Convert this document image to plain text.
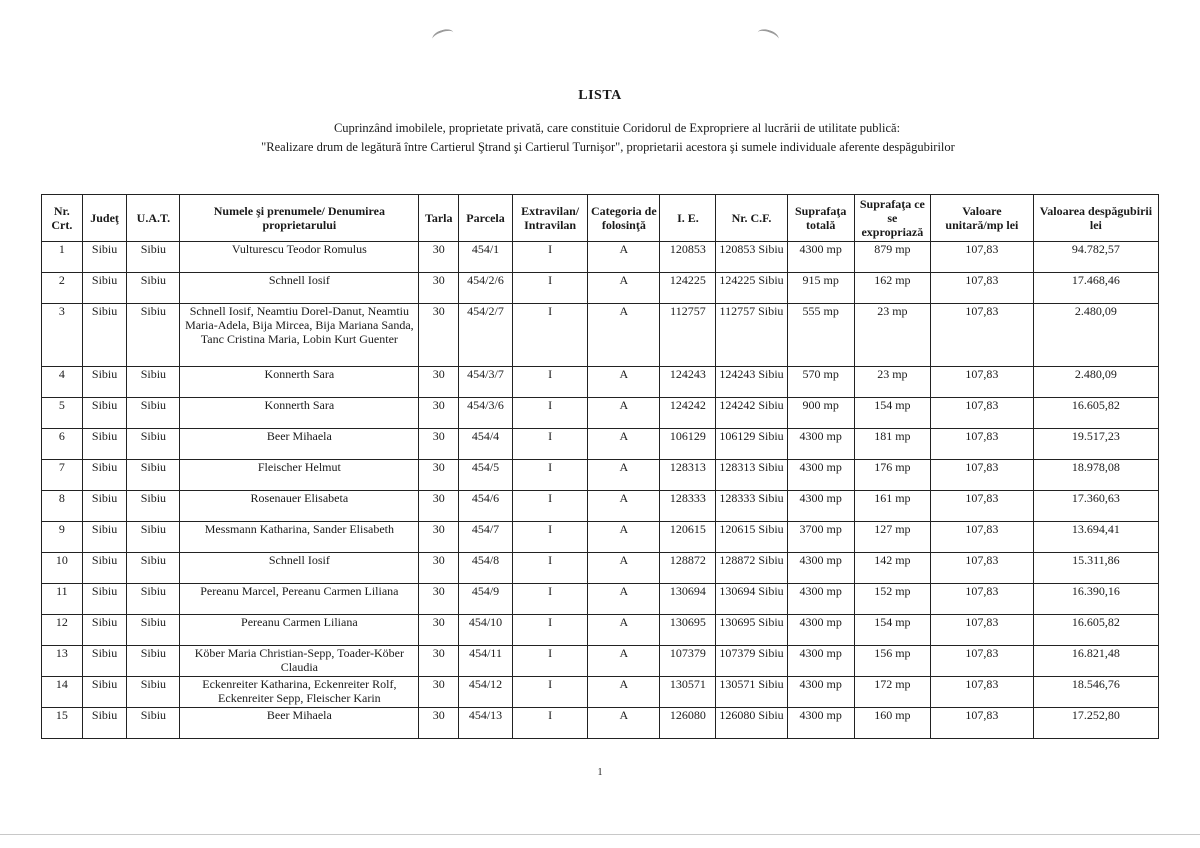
LISTA
Cuprinzând imobilele, proprietate privată, care constituie Coridorul de Expropriere al lucrării de utilitate publică:
"Realizare drum de legătură între Cartierul Ştrand şi Cartierul Turnişor", proprietarii acestora şi sumele individuale aferente despăgubirilor
Nr. Crt.	Judeţ	U.A.T.	Numele şi prenumele/ Denumirea proprietarului	Tarla	Parcela	Extravilan/ Intravilan	Categoria de folosinţă	I. E.	Nr. C.F.	Suprafaţa totală	Suprafaţa ce se expropriază	Valoare unitară/mp lei	Valoarea despăgubirii lei
1	Sibiu	Sibiu	Vulturescu Teodor Romulus	30	454/1	I	A	120853	120853 Sibiu	4300 mp	879 mp	107,83	94.782,57
2	Sibiu	Sibiu	Schnell Iosif	30	454/2/6	I	A	124225	124225 Sibiu	915 mp	162 mp	107,83	17.468,46
3	Sibiu	Sibiu	Schnell Iosif, Neamtiu Dorel-Danut, Neamtiu Maria-Adela, Bija Mircea, Bija Mariana Sanda, Tanc Cristina Maria, Lobin Kurt Guenter	30	454/2/7	I	A	112757	112757 Sibiu	555 mp	23 mp	107,83	2.480,09
4	Sibiu	Sibiu	Konnerth Sara	30	454/3/7	I	A	124243	124243 Sibiu	570 mp	23 mp	107,83	2.480,09
5	Sibiu	Sibiu	Konnerth Sara	30	454/3/6	I	A	124242	124242 Sibiu	900 mp	154 mp	107,83	16.605,82
6	Sibiu	Sibiu	Beer Mihaela	30	454/4	I	A	106129	106129 Sibiu	4300 mp	181 mp	107,83	19.517,23
7	Sibiu	Sibiu	Fleischer Helmut	30	454/5	I	A	128313	128313 Sibiu	4300 mp	176 mp	107,83	18.978,08
8	Sibiu	Sibiu	Rosenauer Elisabeta	30	454/6	I	A	128333	128333 Sibiu	4300 mp	161 mp	107,83	17.360,63
9	Sibiu	Sibiu	Messmann Katharina, Sander Elisabeth	30	454/7	I	A	120615	120615 Sibiu	3700 mp	127 mp	107,83	13.694,41
10	Sibiu	Sibiu	Schnell Iosif	30	454/8	I	A	128872	128872 Sibiu	4300 mp	142 mp	107,83	15.311,86
11	Sibiu	Sibiu	Pereanu Marcel, Pereanu Carmen Liliana	30	454/9	I	A	130694	130694 Sibiu	4300 mp	152 mp	107,83	16.390,16
12	Sibiu	Sibiu	Pereanu Carmen Liliana	30	454/10	I	A	130695	130695 Sibiu	4300 mp	154 mp	107,83	16.605,82
13	Sibiu	Sibiu	Köber Maria Christian-Sepp, Toader-Köber Claudia	30	454/11	I	A	107379	107379 Sibiu	4300 mp	156 mp	107,83	16.821,48
14	Sibiu	Sibiu	Eckenreiter Katharina, Eckenreiter Rolf, Eckenreiter Sepp, Fleischer Karin	30	454/12	I	A	130571	130571 Sibiu	4300 mp	172 mp	107,83	18.546,76
15	Sibiu	Sibiu	Beer Mihaela	30	454/13	I	A	126080	126080 Sibiu	4300 mp	160 mp	107,83	17.252,80
1
